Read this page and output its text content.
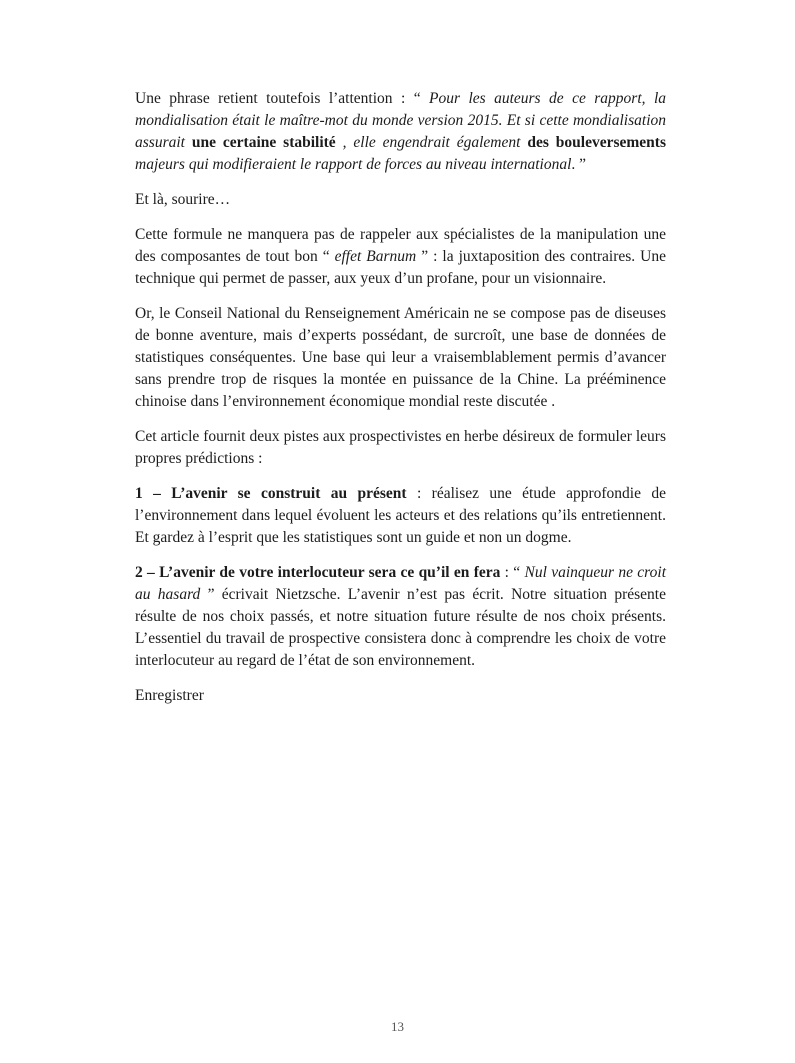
Une phrase retient toutefois l’attention : “ Pour les auteurs de ce rapport, la mondialisation était le maître-mot du monde version 2015. Et si cette mondialisation assurait une certaine stabilité , elle engendrait également des bouleversements majeurs qui modifieraient le rapport de forces au niveau international. ”

Et là, sourire…

Cette formule ne manquera pas de rappeler aux spécialistes de la manipulation une des composantes de tout bon “ effet Barnum ” : la juxtaposition des contraires. Une technique qui permet de passer, aux yeux d’un profane, pour un visionnaire.

Or, le Conseil National du Renseignement Américain ne se compose pas de diseuses de bonne aventure, mais d’experts possédant, de surcroît, une base de données de statistiques conséquentes. Une base qui leur a vraisemblablement permis d’avancer sans prendre trop de risques la montée en puissance de la Chine. La prééminence chinoise dans l’environnement économique mondial reste discutée .

Cet article fournit deux pistes aux prospectivistes en herbe désireux de formuler leurs propres prédictions :

1 – L’avenir se construit au présent : réalisez une étude approfondie de l’environnement dans lequel évoluent les acteurs et des relations qu’ils entretiennent. Et gardez à l’esprit que les statistiques sont un guide et non un dogme.

2 – L’avenir de votre interlocuteur sera ce qu’il en fera : “ Nul vainqueur ne croit au hasard ” écrivait Nietzsche. L’avenir n’est pas écrit. Notre situation présente résulte de nos choix passés, et notre situation future résulte de nos choix présents. L’essentiel du travail de prospective consistera donc à comprendre les choix de votre interlocuteur au regard de l’état de son environnement.

Enregistrer

13
